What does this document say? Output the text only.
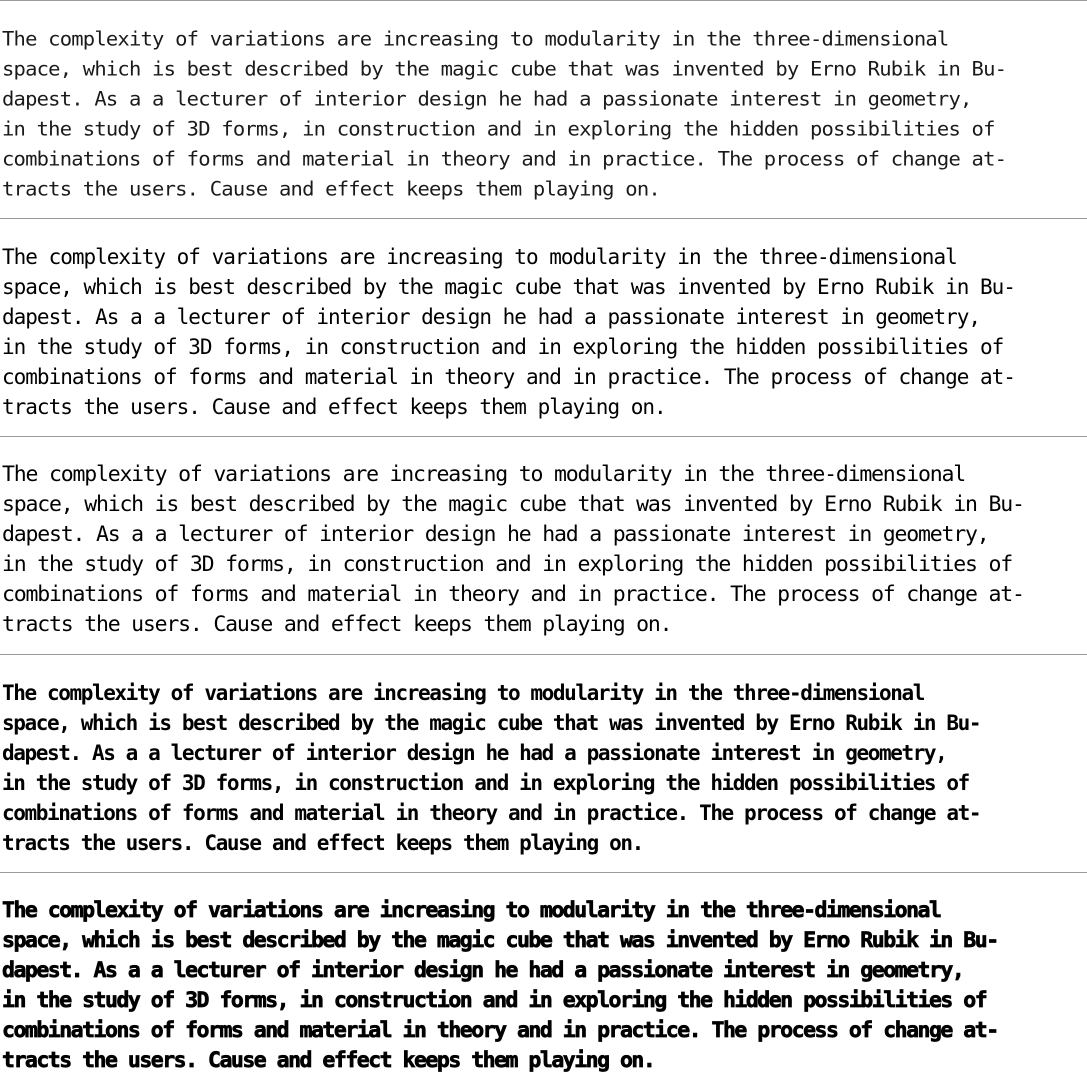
The complexity of variations are increasing to modularity in the three-dimensional
space, which is best described by the magic cube that was invented by Erno Rubik in Bu-
dapest. As a a lecturer of interior design he had a passionate interest in geometry,
in the study of 3D forms, in construction and in exploring the hidden possibilities of
combinations of forms and material in theory and in practice. The process of change at-
tracts the users. Cause and effect keeps them playing on.

The complexity of variations are increasing to modularity in the three-dimensional
space, which is best described by the magic cube that was invented by Erno Rubik in Bu-
dapest. As a a lecturer of interior design he had a passionate interest in geometry,
in the study of 3D forms, in construction and in exploring the hidden possibilities of
combinations of forms and material in theory and in practice. The process of change at-
tracts the users. Cause and effect keeps them playing on.

The complexity of variations are increasing to modularity in the three-dimensional
space, which is best described by the magic cube that was invented by Erno Rubik in Bu-
dapest. As a a lecturer of interior design he had a passionate interest in geometry,
in the study of 3D forms, in construction and in exploring the hidden possibilities of
combinations of forms and material in theory and in practice. The process of change at-
tracts the users. Cause and effect keeps them playing on.

The complexity of variations are increasing to modularity in the three-dimensional
space, which is best described by the magic cube that was invented by Erno Rubik in Bu-
dapest. As a a lecturer of interior design he had a passionate interest in geometry,
in the study of 3D forms, in construction and in exploring the hidden possibilities of
combinations of forms and material in theory and in practice. The process of change at-
tracts the users. Cause and effect keeps them playing on.

The complexity of variations are increasing to modularity in the three-dimensional
space, which is best described by the magic cube that was invented by Erno Rubik in Bu-
dapest. As a a lecturer of interior design he had a passionate interest in geometry,
in the study of 3D forms, in construction and in exploring the hidden possibilities of
combinations of forms and material in theory and in practice. The process of change at-
tracts the users. Cause and effect keeps them playing on.
